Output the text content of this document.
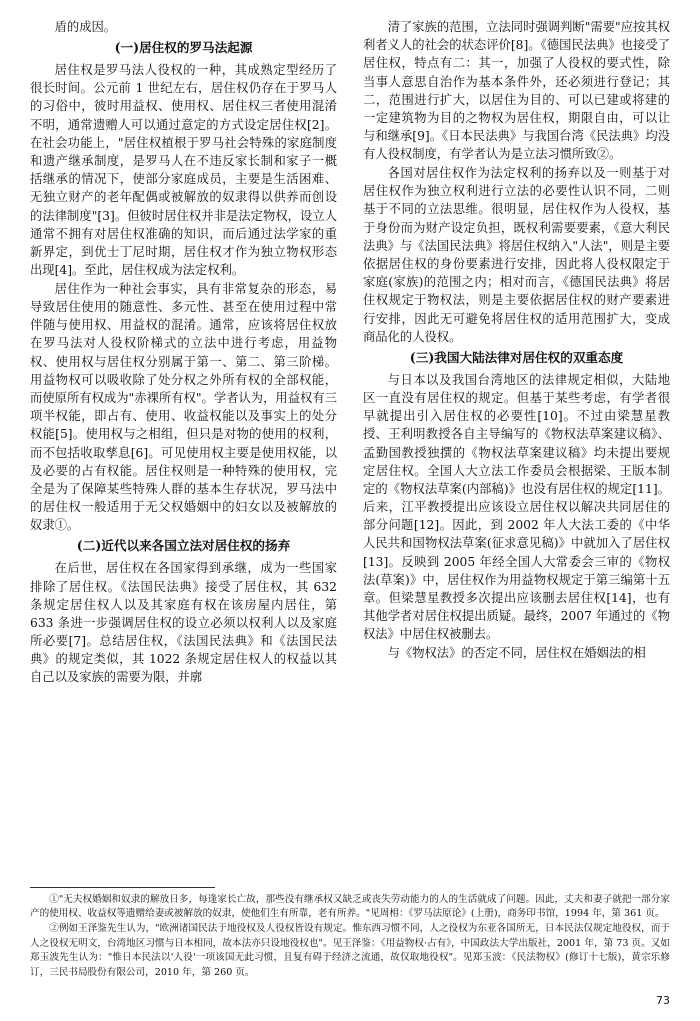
盾的成因。

(一)居住权的罗马法起源

居住权是罗马法人役权的一种，其成熟定型经历了很长时间。公元前 1 世纪左右，居住权仍存在于罗马人的习俗中，彼时用益权、使用权、居住权三者使用混淆不明，通常遗赠人可以通过意定的方式设定居住权[2]。在社会功能上，"居住权植根于罗马社会特殊的家庭制度和遗产继承制度，是罗马人在不违反家长制和家子一概括继承的情况下，使部分家庭成员，主要是生活困难、无独立财产的老年配偶或被解放的奴隶得以供养而创设的法律制度"[3]。但彼时居住权并非是法定物权，设立人通常不拥有对居住权准确的知识，而后通过法学家的重新界定，到优士丁尼时期，居住权才作为独立物权形态出现[4]。至此，居住权成为法定权利。

居住作为一种社会事实，具有非常复杂的形态，易导致居住使用的随意性、多元性、甚至在使用过程中常伴随与使用权、用益权的混淆。通常，应该将居住权放在罗马法对人役权阶梯式的立法中进行考虑，用益物权、使用权与居住权分别属于第一、第二、第三阶梯。用益物权可以吸收除了处分权之外所有权的全部权能，而使原所有权成为"赤裸所有权"。学者认为，用益权有三项半权能，即占有、使用、收益权能以及事实上的处分权能[5]。使用权与之相组，但只是对物的使用的权利，而不包括收取孳息[6]。可见使用权主要是使用权能，以及必要的占有权能。居住权则是一种特殊的使用权，完全是为了保障某些特殊人群的基本生存状况，罗马法中的居住权一般适用于无父权婚姻中的妇女以及被解放的奴隶①。

(二)近代以来各国立法对居住权的扬弃

在后世，居住权在各国家得到承继，成为一些国家排除了居住权。《法国民法典》接受了居住权，其 632 条规定居住权人以及其家庭有权在该房屋内居住，第 633 条进一步强调居住权的设立必须以权利人以及家庭所必要[7]。总结居住权，《法国民法典》和《法国民法典》的规定类似，其 1022 条规定居住权人的权益以其自己以及家族的需要为限，并廓

清了家族的范围，立法同时强调判断"需要"应按其权利者义人的社会的状态评价[8]。《德国民法典》也接受了居住权，特点有二：其一，加强了人役权的要式性，除当事人意思自治作为基本条件外，还必须进行登记；其二，范围进行扩大，以居住为目的、可以已建或将建的一定建筑物为目的之物权为居住权，期限自由，可以让与和继承[9]。《日本民法典》与我国台湾《民法典》均没有人役权制度，有学者认为是立法习惯所致②。

各国对居住权作为法定权利的扬弃以及一则基于对居住权作为独立权利进行立法的必要性认识不同，二则基于不同的立法思维。很明显，居住权作为人役权，基于身份而为财产设定负担，既权利需要要素，《意大利民法典》与《法国民法典》将居住权纳入"人法"，则是主要依据居住权的身份要素进行安排，因此将人役权限定于家庭(家族)的范围之内；相对而言，《德国民法典》将居住权规定于物权法，则是主要依据居住权的财产要素进行安排，因此无可避免将居住权的适用范围扩大，变成商品化的人役权。

(三)我国大陆法律对居住权的双重态度

与日本以及我国台湾地区的法律规定相似，大陆地区一直没有居住权的规定。但基于某些考虑，有学者很早就提出引入居住权的必要性[10]。不过由梁慧星教授、王利明教授各自主导编写的《物权法草案建议稿》、孟勤国教授独撰的《物权法草案建议稿》均未提出要规定居住权。全国人大立法工作委员会根据梁、王版本制定的《物权法草案(内部稿)》也没有居住权的规定[11]。后来，江平教授提出应该设立居住权以解决共同居住的部分问题[12]。因此，到 2002 年人大法工委的《中华人民共和国物权法草案(征求意见稿)》中就加入了居住权[13]。反映到 2005 年经全国人大常委会三审的《物权法(草案)》中，居住权作为用益物权规定于第三编第十五章。但梁慧星教授多次提出应该删去居住权[14]，也有其他学者对居住权提出质疑。最终，2007 年通过的《物权法》中居住权被删去。

与《物权法》的否定不同，居住权在婚姻法的相

①"无夫权婚姻和奴隶的解放日多，每逢家长亡故，那些没有继承权又缺乏或丧失劳动能力的人的生活就成了问题。因此，丈夫和妻子就把一部分家产的使用权、收益权等遗赠给妻或被解放的奴隶，使他们生有所靠，老有所养。"见周枏：《罗马法原论》(上册)，商务印书馆，1994 年，第 361 页。

②例如王泽鉴先生认为，"欧洲诸国民法于地役权及人役权皆设有规定。惟东西习惯不同，人之役权为东亚各国所无，日本民法仅规定地役权，而于人之役权无明文，台湾地区习惯与日本相同，故本法亦只设地役权也"。见王泽鉴：《用益物权·占有》，中国政法大学出版社，2001 年，第 73 页。又如郑玉波先生认为："惟日本民法以'人役'一项该国无此习惯，且复有碍于经济之流通，故仅取地役权"。见郑玉波：《民法物权》(修订十七版)，黄宗乐修订，三民书局股份有限公司，2010 年，第 260 页。

73
